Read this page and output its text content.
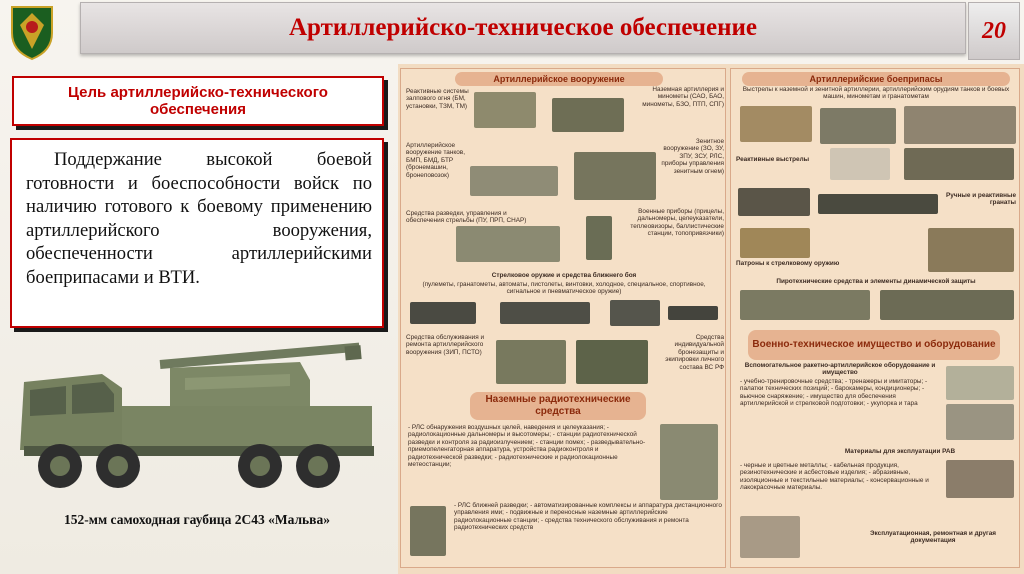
Артиллерийско-техническое обеспечение	20
Цель артиллерийско-технического обеспечения

Поддержание высокой боевой готовности и боеспособности войск по наличию готового к боевому применению артиллерийского вооружения, обеспеченности артиллерийскими боеприпасами и ВТИ.

152-мм самоходная гаубица 2С43 «Мальва»
Артиллерийское вооружение
Реактивные системы залпового огня (БМ, установки, ТЗМ, ТМ)
Наземная артиллерия и минометы (САО, БАО, минометы, БЗО, ПТП, СПГ)
Артиллерийское вооружение танков, БМП, БМД, БТР (бронемашин, бронеповозок)
Зенитное вооружение (ЗО, ЗУ, ЗПУ, ЗСУ, РЛС, приборы управления зенитным огнем)
Средства разведки, управления и обеспечения стрельбы (ПУ, ПРП, СНАР)
Военные приборы (прицелы, дальномеры, целеуказатели, теплеовизоры, баллистические станции, топопривязчики)
Стрелковое оружие и средства ближнего боя
(пулеметы, гранатометы, автоматы, пистолеты, винтовки, холодное, специальное, спортивное, сигнальное и пневматическое оружие)
Средства обслуживания и ремонта артиллерийского вооружения (ЗИП, ПСТО)
Средства индивидуальной бронезащиты и экипировки личного состава ВС РФ
Наземные радиотехнические средства
- РЛС обнаружения воздушных целей, наведения и целеуказания; - радиолокационные дальномеры и высотомеры; - станции радиотехнической разведки и контроля за радиоизлучением; - станции помех; - разведывательно-приемопеленгаторная аппаратура, устройства радиоконтроля и радиотехнической разведки; - радиотехнические и радиолокационные метеостанции;
- РЛС ближней разведки; - автоматизированные комплексы и аппаратура дистанционного управления ими; - подвижные и переносные наземные артиллерийские радиолокационные станции; - средства технического обслуживания и ремонта радиотехнических средств
Артиллерийские боеприпасы
Выстрелы к наземной и зенитной артиллерии, артиллерийским орудиям танков и боевых машин, минометам и гранатометам
Реактивные выстрелы
Ручные и реактивные гранаты
Патроны к стрелковому оружию
Пиротехнические средства и элементы динамической защиты
Военно-техническое имущество и оборудование
Вспомогательное ракетно-артиллерийское оборудование и имущество
- учебно-тренировочные средства; - тренажеры и имитаторы; - палатки технических позиций; - барокамеры, кондиционеры; - вьючное снаряжение; - имущество для обеспечения артиллерийской и стрелковой подготовки; - укупорка и тара
Материалы для эксплуатации РАВ
- черные и цветные металлы; - кабельная продукция, резинотехнические и асбестовые изделия; - абразивные, изоляционные и текстильные материалы; - консервационные и лакокрасочные материалы.
Эксплуатационная, ремонтная и другая документация
